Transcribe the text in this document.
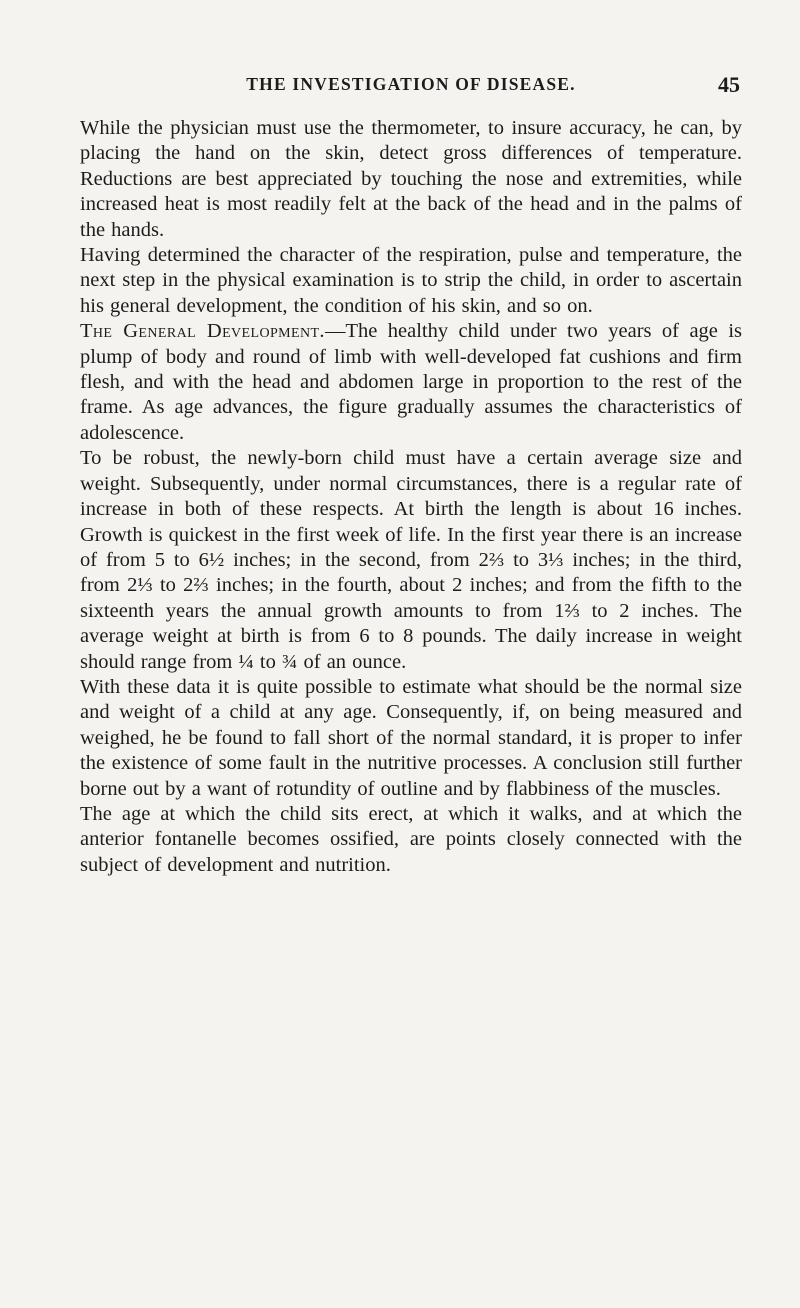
THE INVESTIGATION OF DISEASE.	45

While the physician must use the thermometer, to insure accuracy, he can, by placing the hand on the skin, detect gross differences of temperature. Reductions are best appreciated by touching the nose and extremities, while increased heat is most readily felt at the back of the head and in the palms of the hands.

Having determined the character of the respiration, pulse and temperature, the next step in the physical examination is to strip the child, in order to ascertain his general development, the condition of his skin, and so on.

The General Development.—The healthy child under two years of age is plump of body and round of limb with well-developed fat cushions and firm flesh, and with the head and abdomen large in proportion to the rest of the frame. As age advances, the figure gradually assumes the characteristics of adolescence.

To be robust, the newly-born child must have a certain average size and weight. Subsequently, under normal circumstances, there is a regular rate of increase in both of these respects. At birth the length is about 16 inches. Growth is quickest in the first week of life. In the first year there is an increase of from 5 to 6½ inches; in the second, from 2⅔ to 3⅓ inches; in the third, from 2⅓ to 2⅔ inches; in the fourth, about 2 inches; and from the fifth to the sixteenth years the annual growth amounts to from 1⅔ to 2 inches. The average weight at birth is from 6 to 8 pounds. The daily increase in weight should range from ¼ to ¾ of an ounce.

With these data it is quite possible to estimate what should be the normal size and weight of a child at any age. Consequently, if, on being measured and weighed, he be found to fall short of the normal standard, it is proper to infer the existence of some fault in the nutritive processes. A conclusion still further borne out by a want of rotundity of outline and by flabbiness of the muscles.

The age at which the child sits erect, at which it walks, and at which the anterior fontanelle becomes ossified, are points closely connected with the subject of development and nutrition.
